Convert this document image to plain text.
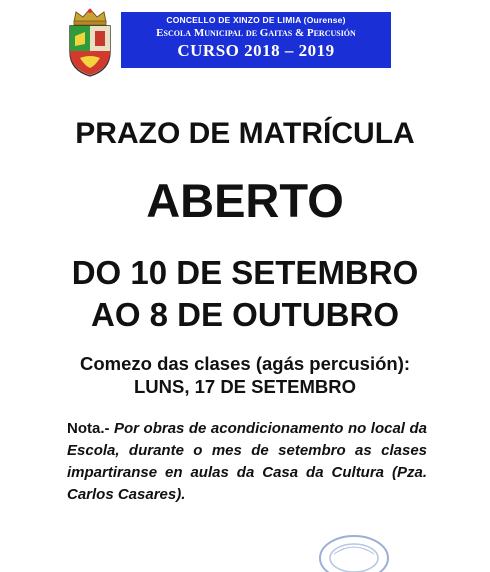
CONCELLO DE XINZO DE LIMIA (Ourense)
Escola Municipal de Gaitas & Percusión
CURSO 2018 – 2019
PRAZO DE MATRÍCULA
ABERTO
DO 10 DE SETEMBRO
AO 8 DE OUTUBRO
Comezo das clases (agás percusión):
LUNS, 17 DE SETEMBRO

Nota.- Por obras de acondicionamento no local da Escola, durante o mes de setembro as clases impartiranse en aulas da Casa da Cultura (Pza. Carlos Casares).
